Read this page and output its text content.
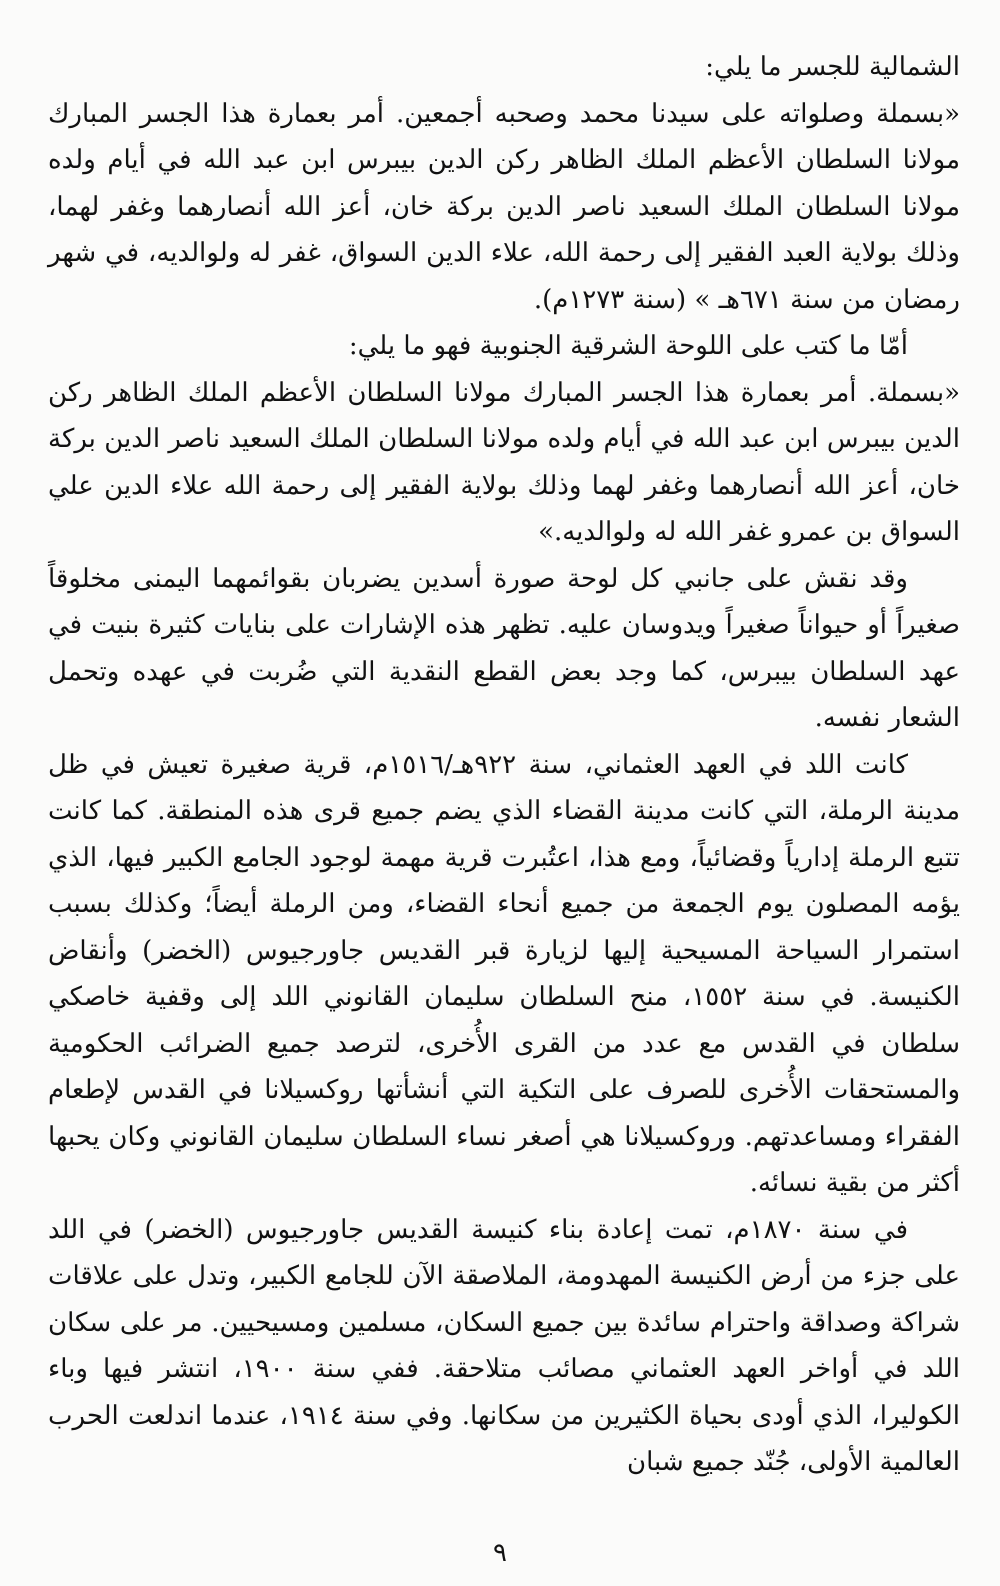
الشمالية للجسر ما يلي:

«بسملة وصلواته على سيدنا محمد وصحبه أجمعين. أمر بعمارة هذا الجسر المبارك مولانا السلطان الأعظم الملك الظاهر ركن الدين بيبرس ابن عبد الله في أيام ولده مولانا السلطان الملك السعيد ناصر الدين بركة خان، أعز الله أنصارهما وغفر لهما، وذلك بولاية العبد الفقير إلى رحمة الله، علاء الدين السواق، غفر له ولوالديه، في شهر رمضان من سنة ٦٧١هـ » (سنة ١٢٧٣م).

أمّا ما كتب على اللوحة الشرقية الجنوبية فهو ما يلي:

«بسملة. أمر بعمارة هذا الجسر المبارك مولانا السلطان الأعظم الملك الظاهر ركن الدين بيبرس ابن عبد الله في أيام ولده مولانا السلطان الملك السعيد ناصر الدين بركة خان، أعز الله أنصارهما وغفر لهما وذلك بولاية الفقير إلى رحمة الله علاء الدين علي السواق بن عمرو غفر الله له ولوالديه.»

وقد نقش على جانبي كل لوحة صورة أسدين يضربان بقوائمهما اليمنى مخلوقاً صغيراً أو حيواناً صغيراً ويدوسان عليه. تظهر هذه الإشارات على بنايات كثيرة بنيت في عهد السلطان بيبرس، كما وجد بعض القطع النقدية التي ضُربت في عهده وتحمل الشعار نفسه.

كانت اللد في العهد العثماني، سنة ٩٢٢هـ/١٥١٦م، قرية صغيرة تعيش في ظل مدينة الرملة، التي كانت مدينة القضاء الذي يضم جميع قرى هذه المنطقة. كما كانت تتبع الرملة إدارياً وقضائياً، ومع هذا، اعتُبرت قرية مهمة لوجود الجامع الكبير فيها، الذي يؤمه المصلون يوم الجمعة من جميع أنحاء القضاء، ومن الرملة أيضاً؛ وكذلك بسبب استمرار السياحة المسيحية إليها لزيارة قبر القديس جاورجيوس (الخضر) وأنقاض الكنيسة. في سنة ١٥٥٢، منح السلطان سليمان القانوني اللد إلى وقفية خاصكي سلطان في القدس مع عدد من القرى الأُخرى، لترصد جميع الضرائب الحكومية والمستحقات الأُخرى للصرف على التكية التي أنشأتها روكسيلانا في القدس لإطعام الفقراء ومساعدتهم. وروكسيلانا هي أصغر نساء السلطان سليمان القانوني وكان يحبها أكثر من بقية نسائه.

في سنة ١٨٧٠م، تمت إعادة بناء كنيسة القديس جاورجيوس (الخضر) في اللد على جزء من أرض الكنيسة المهدومة، الملاصقة الآن للجامع الكبير، وتدل على علاقات شراكة وصداقة واحترام سائدة بين جميع السكان، مسلمين ومسيحيين. مر على سكان اللد في أواخر العهد العثماني مصائب متلاحقة. ففي سنة ١٩٠٠، انتشر فيها وباء الكوليرا، الذي أودى بحياة الكثيرين من سكانها. وفي سنة ١٩١٤، عندما اندلعت الحرب العالمية الأولى، جُنّد جميع شبان

٩
